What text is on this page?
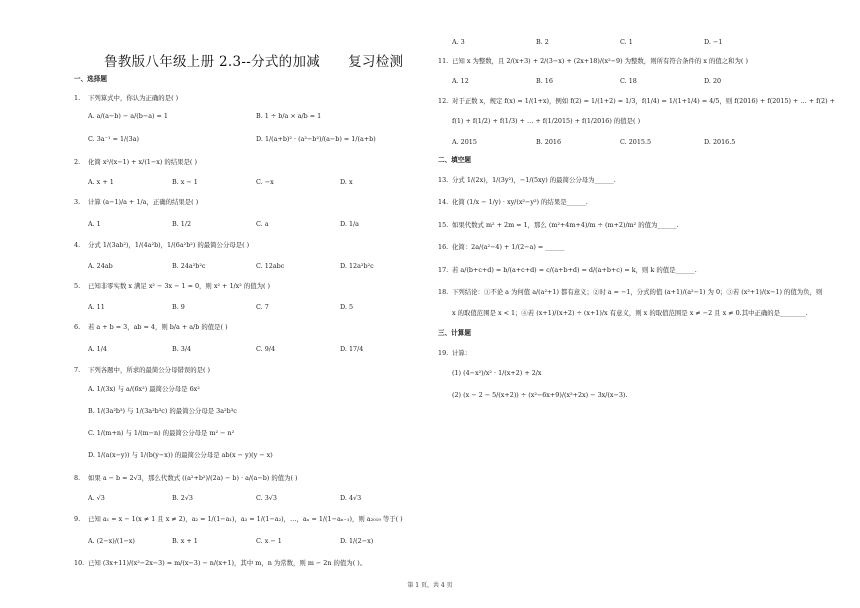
鲁教版八年级上册 2.3--分式的加减 复习检测
一、选择题
1. 下列算式中，你认为正确的是( )
A. a/(a−b) − a/(b−a) = 1	B. 1 ÷ b/a × a/b = 1
C. 3a⁻¹ = 1/(3a)	D. 1/(a+b)² · (a²−b²)/(a−b) = 1/(a+b)
2. 化简 x²/(x−1) + x/(1−x) 的结果是( )
A. x + 1	B. x − 1	C. −x	D. x
3. 计算 (a−1)/a + 1/a，正确的结果是( )
A. 1	B. 1/2	C. a	D. 1/a
4. 分式 1/(3ab²)，1/(4a²b)，1/(6a²b²) 的最简公分母是( )
A. 24ab	B. 24a²b²c	C. 12abc	D. 12a²b²c
5. 已知非零实数 x 满足 x² − 3x − 1 = 0，则 x² + 1/x² 的值为( )
A. 11	B. 9	C. 7	D. 5
6. 若 a + b = 3，ab = 4，则 b/a + a/b 的值是( )
A. 1/4	B. 3/4	C. 9/4	D. 17/4
7. 下列各题中，所求的最简公分母错误的是( )
A. 1/(3x) 与 a/(6x²) 最简公分母是 6x²
B. 1/(3a²b³) 与 1/(3a²b³c) 的最简公分母是 3a²b³c
C. 1/(m+n) 与 1/(m−n) 的最简公分母是 m² − n²
D. 1/(a(x−y)) 与 1/(b(y−x)) 的最简公分母是 ab(x − y)(y − x)
8. 如果 a − b = 2√3，那么代数式 ((a²+b²)/(2a) − b) · a/(a−b) 的值为( )
A. √3	B. 2√3	C. 3√3	D. 4√3
9. 已知 a₁ = x − 1(x ≠ 1 且 x ≠ 2)，a₂ = 1/(1−a₁)，a₃ = 1/(1−a₂)，…，aₙ = 1/(1−aₙ₋₁)，则 a₂₀₁₉ 等于( )
A. (2−x)/(1−x)	B. x + 1	C. x − 1	D. 1/(2−x)
10. 已知 (3x+11)/(x²−2x−3) = m/(x−3) − n/(x+1)，其中 m，n 为常数，则 m − 2n 的值为( )。
A. 3	B. 2	C. 1	D. −1
11. 已知 x 为整数，且 2/(x+3) + 2/(3−x) + (2x+18)/(x²−9) 为整数，则所有符合条件的 x 的值之和为( )
A. 12	B. 16	C. 18	D. 20
12. 对于正数 x，规定 f(x) = 1/(1+x)，例如 f(2) = 1/(1+2) = 1/3，f(1/4) = 1/(1+1/4) = 4/5，则 f(2016) + f(2015) + … + f(2) +
f(1) + f(1/2) + f(1/3) + … + f(1/2015) + f(1/2016) 的值是( )
A. 2015	B. 2016	C. 2015.5	D. 2016.5
二、填空题
13. 分式 1/(2x)，1/(3y²)，−1/(5xy) 的最简公分母为______.
14. 化简 (1/x − 1/y) · xy/(x²−y²) 的结果是______.
15. 如果代数式 m² + 2m = 1，那么 (m²+4m+4)/m ÷ (m+2)/m² 的值为______.
16. 化简：2a/(a²−4) + 1/(2−a) = ______
17. 若 a/(b+c+d) = b/(a+c+d) = c/(a+b+d) = d/(a+b+c) = k，则 k 的值是______.
18. 下列结论：①不论 a 为何值 a/(a²+1) 都有意义；②时 a = −1，分式的值 (a+1)/(a²−1) 为 0；③若 (x²+1)/(x−1) 的值为负，则
x 的取值范围是 x < 1；④若 (x+1)/(x+2) ÷ (x+1)/x 有意义，则 x 的取值范围是 x ≠ −2 且 x ≠ 0.其中正确的是________.
三、计算题
19. 计算：
(1) (4−x²)/x² · 1/(x+2) + 2/x
(2) (x − 2 − 5/(x+2)) ÷ (x²−6x+9)/(x²+2x) − 3x/(x−3).
第 1 页，共 4 页
